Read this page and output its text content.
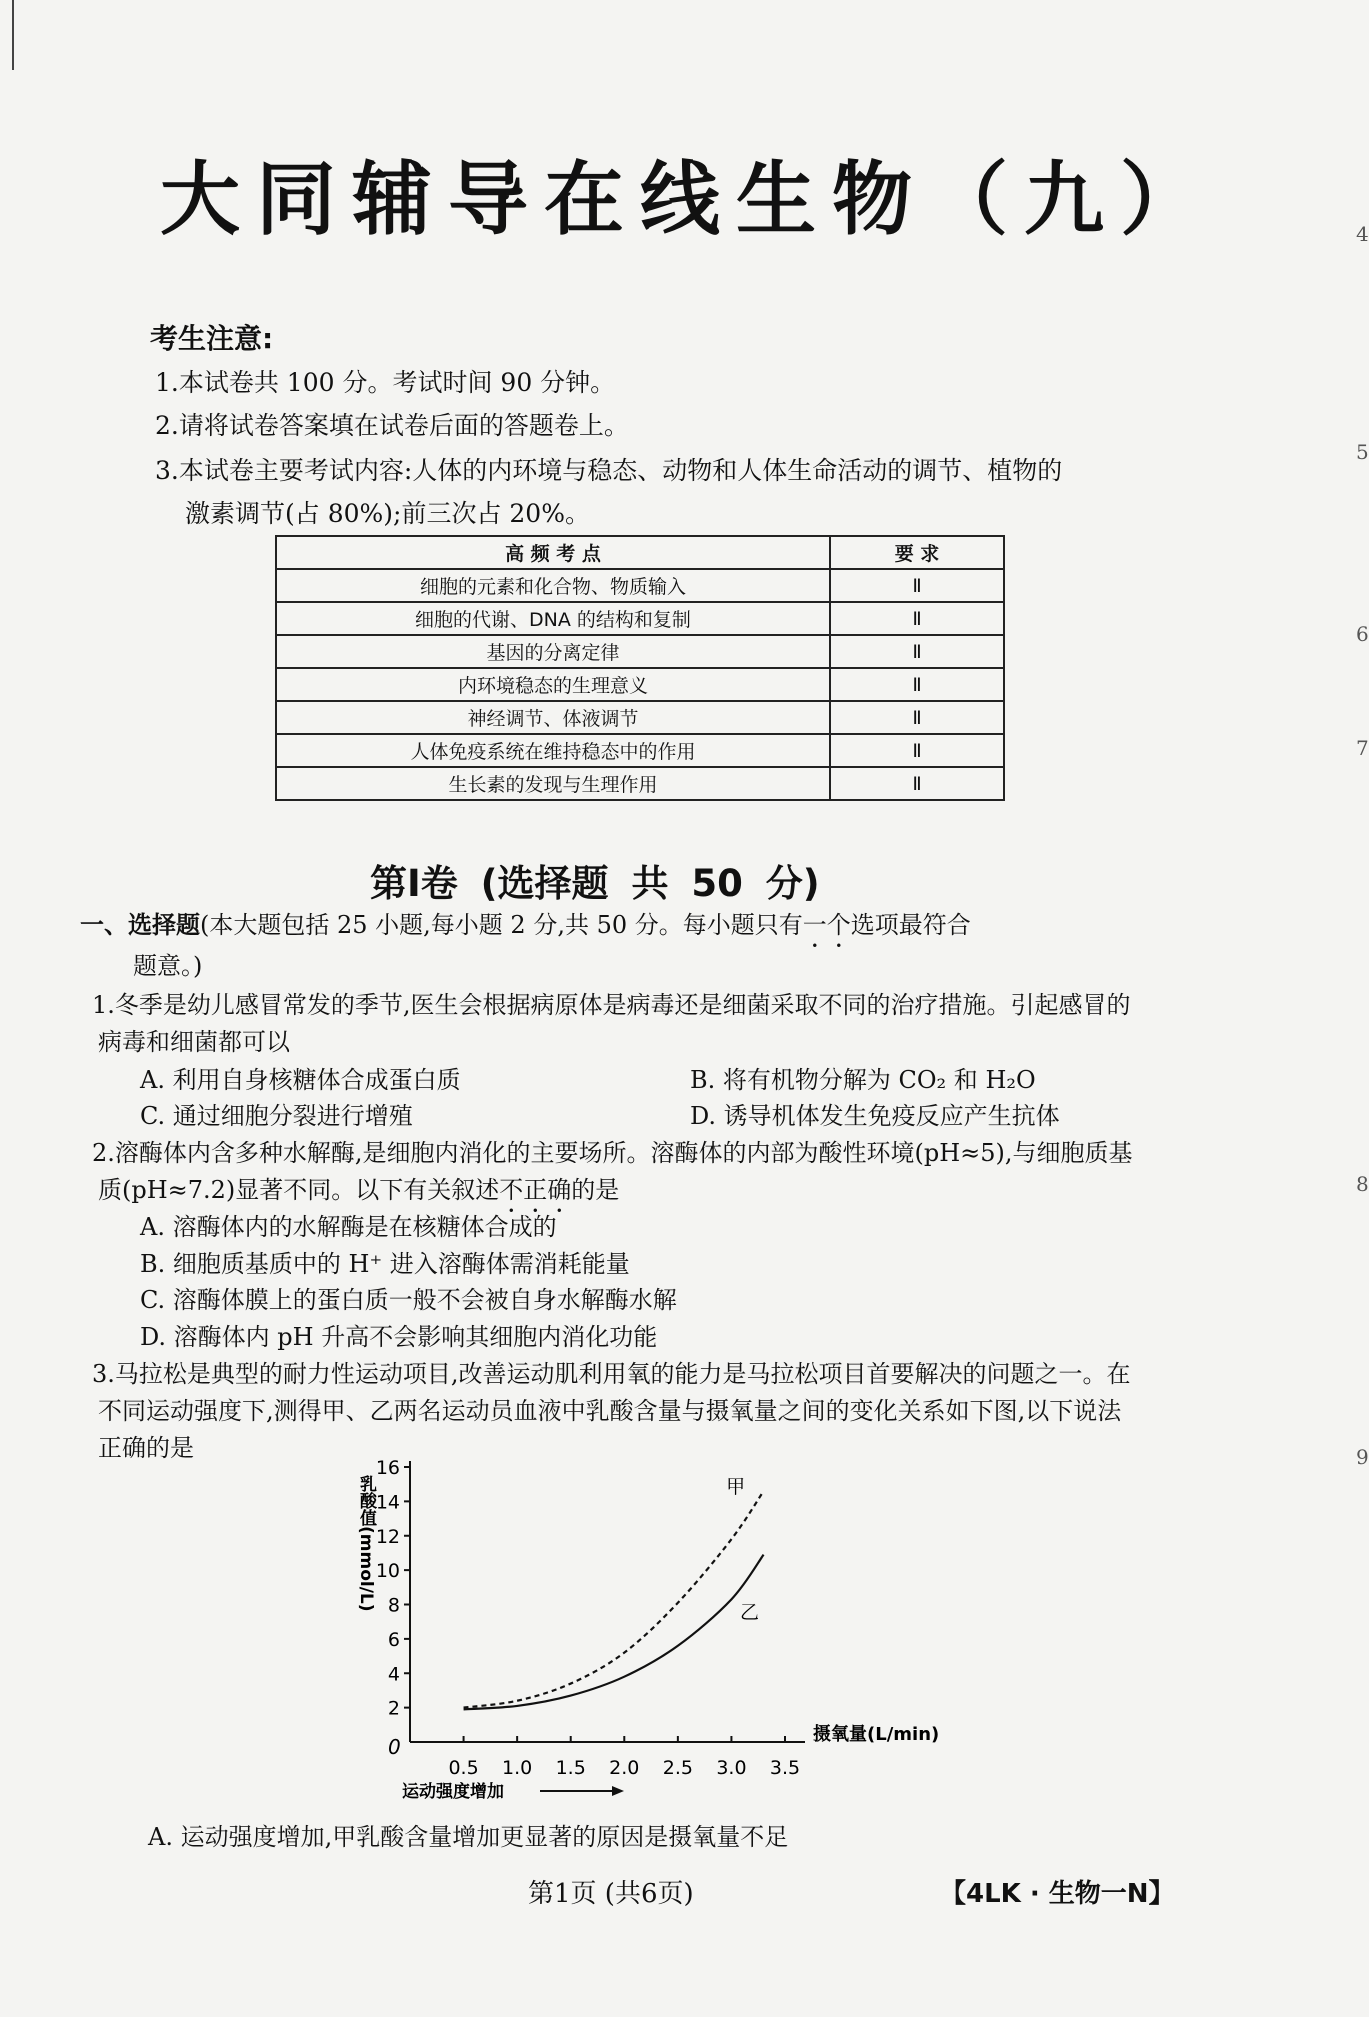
大同辅导在线生物（九）
考生注意:
1.本试卷共 100 分。考试时间 90 分钟。
2.请将试卷答案填在试卷后面的答题卷上。
3.本试卷主要考试内容:人体的内环境与稳态、动物和人体生命活动的调节、植物的
激素调节(占 80%);前三次占 20%。
高 频 考 点	要 求
细胞的元素和化合物、物质输入	Ⅱ
细胞的代谢、DNA 的结构和复制	Ⅱ
基因的分离定律	Ⅱ
内环境稳态的生理意义	Ⅱ
神经调节、体液调节	Ⅱ
人体免疫系统在维持稳态中的作用	Ⅱ
生长素的发现与生理作用	Ⅱ
第Ⅰ卷 (选择题 共 50 分)
一、选择题(本大题包括 25 小题,每小题 2 分,共 50 分。每小题只有一个选项最符合
题意。)
1.冬季是幼儿感冒常发的季节,医生会根据病原体是病毒还是细菌采取不同的治疗措施。引起感冒的
病毒和细菌都可以
A. 利用自身核糖体合成蛋白质	B. 将有机物分解为 CO₂ 和 H₂O
C. 通过细胞分裂进行增殖	D. 诱导机体发生免疫反应产生抗体
2.溶酶体内含多种水解酶,是细胞内消化的主要场所。溶酶体的内部为酸性环境(pH≈5),与细胞质基
质(pH≈7.2)显著不同。以下有关叙述不正确的是
A. 溶酶体内的水解酶是在核糖体合成的
B. 细胞质基质中的 H⁺ 进入溶酶体需消耗能量
C. 溶酶体膜上的蛋白质一般不会被自身水解酶水解
D. 溶酶体内 pH 升高不会影响其细胞内消化功能
3.马拉松是典型的耐力性运动项目,改善运动肌利用氧的能力是马拉松项目首要解决的问题之一。在
不同运动强度下,测得甲、乙两名运动员血液中乳酸含量与摄氧量之间的变化关系如下图,以下说法
正确的是
2
4
6
8
10
12
14
16
0.5 1.0 1.5 2.0 2.5 3.0 3.5
0
乳酸值(mmol/L)
摄氧量(L/min)
运动强度增加
甲
乙
A. 运动强度增加,甲乳酸含量增加更显著的原因是摄氧量不足
第1页 (共6页)	【4LK · 生物一N】
4
5
6
7
8
9
